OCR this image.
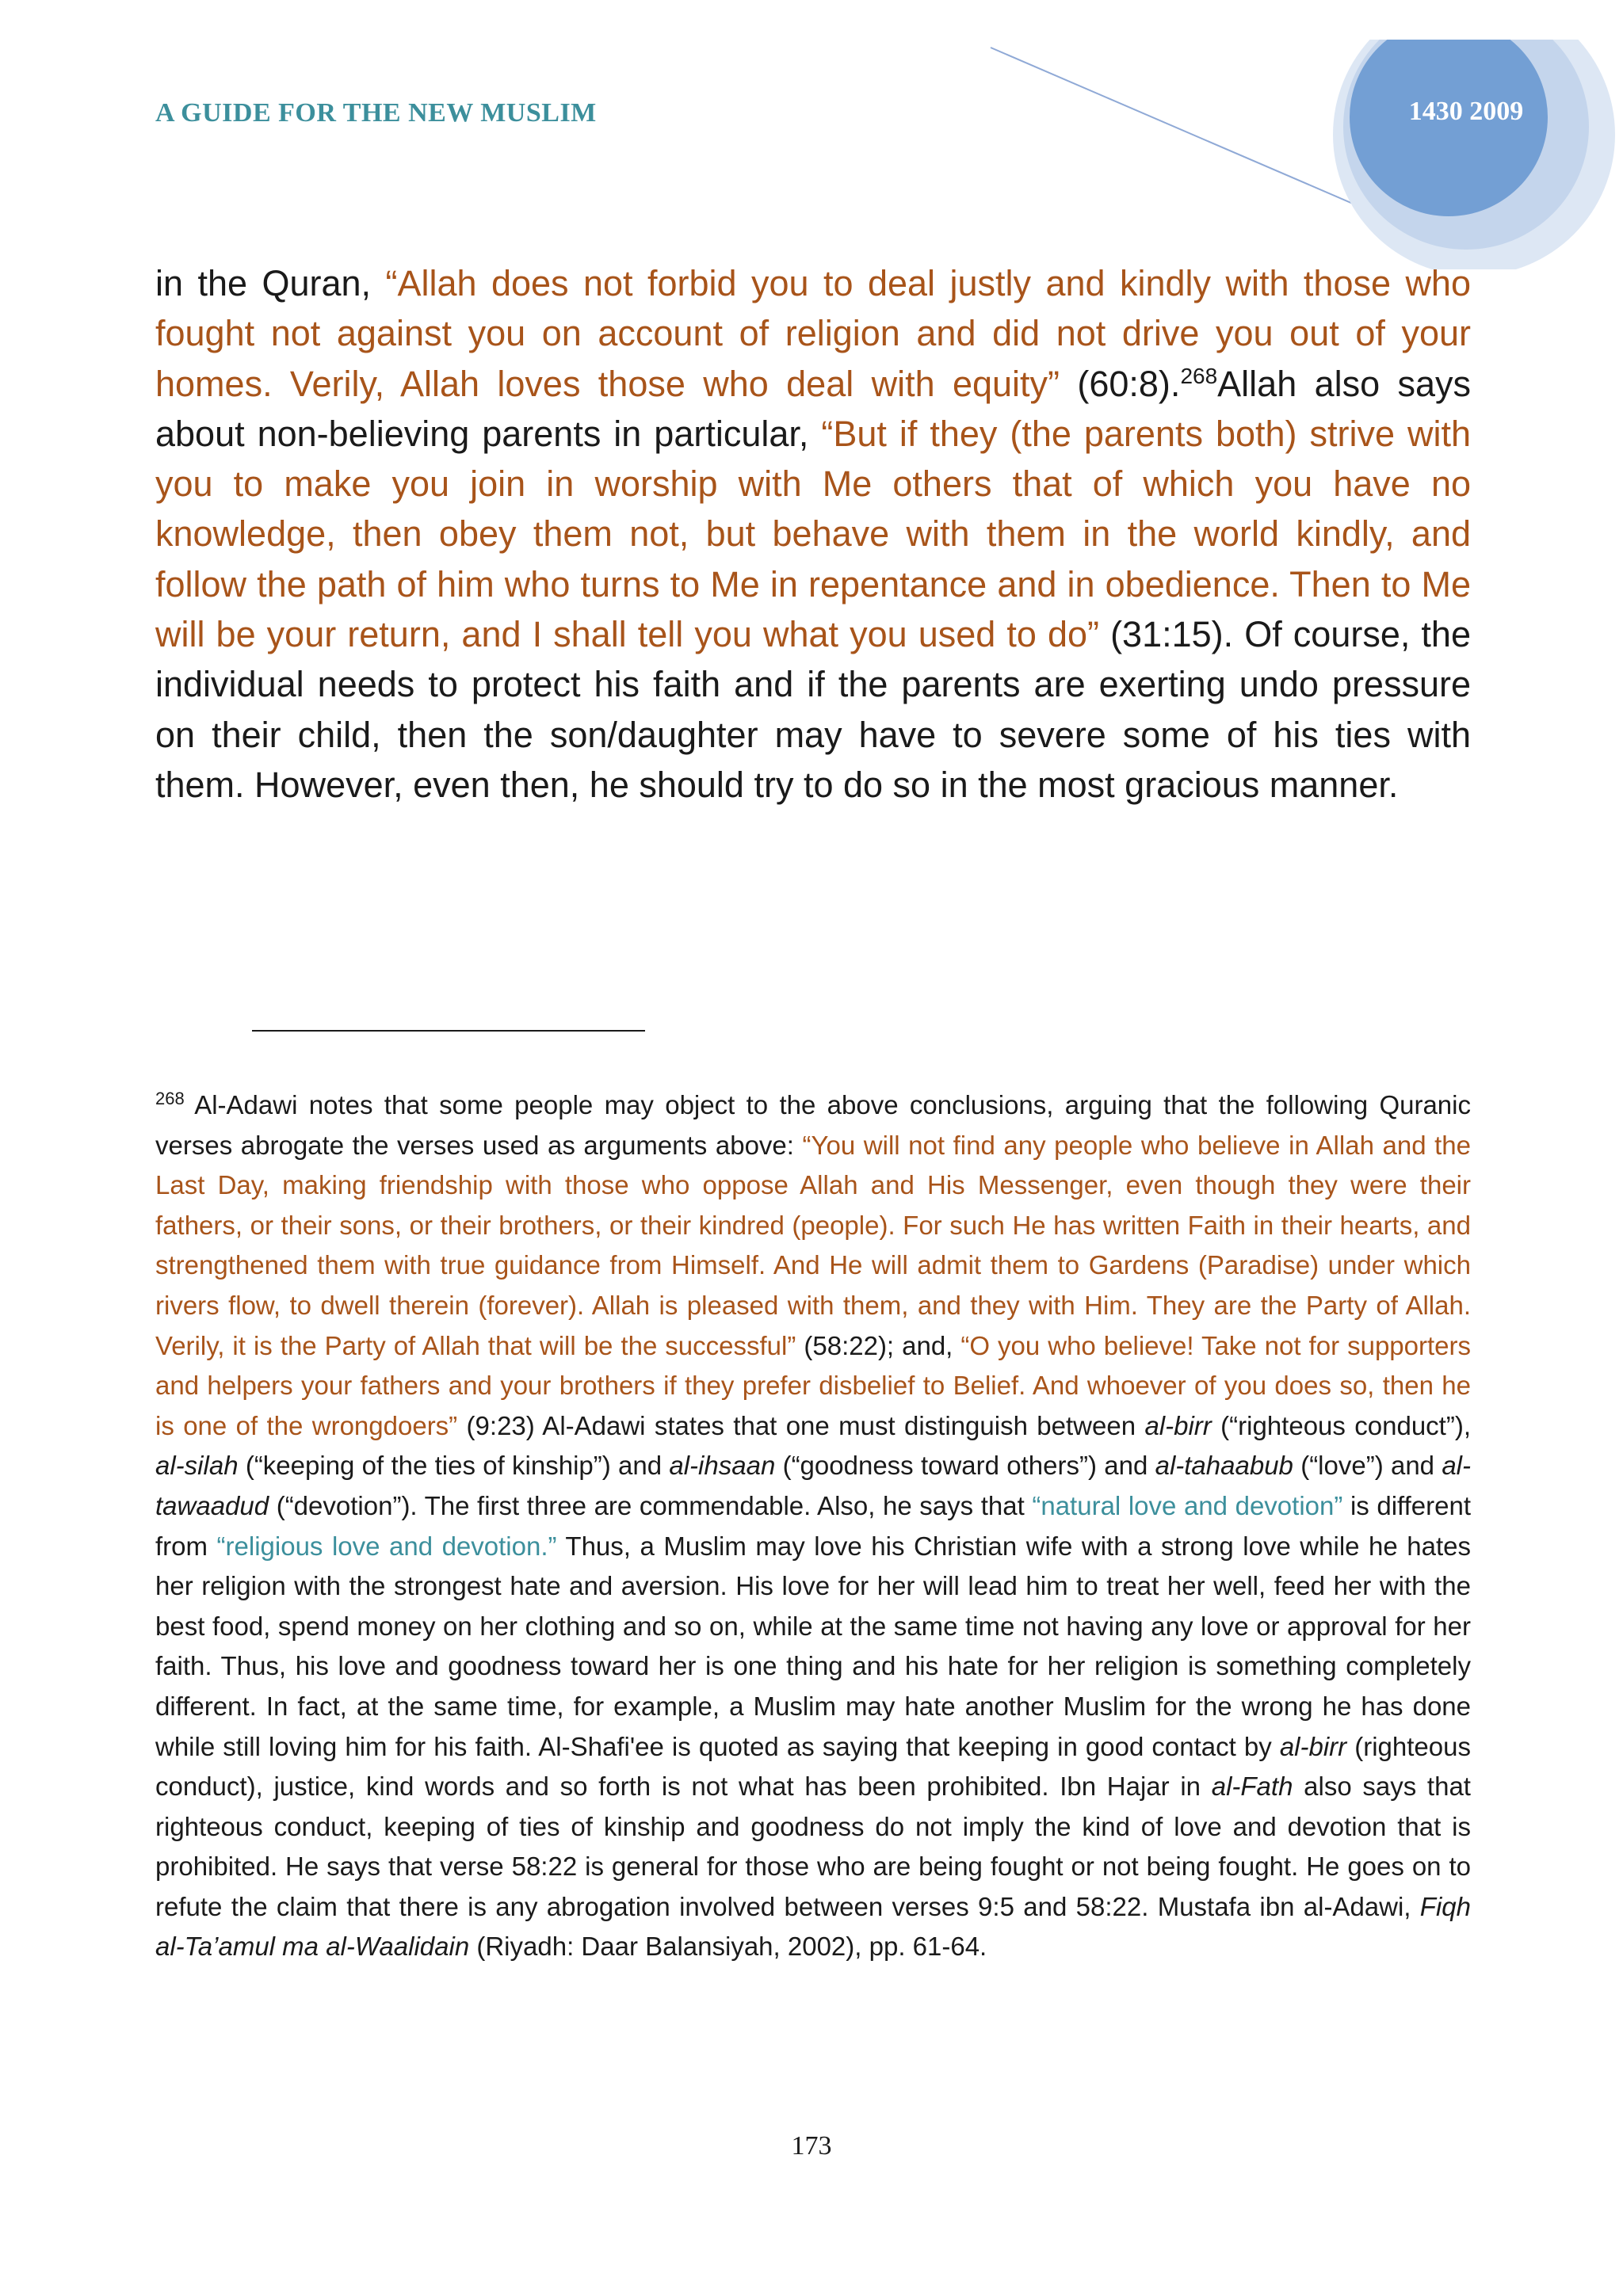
A GUIDE FOR THE NEW MUSLIM	1430 2009

in the Quran, “Allah does not forbid you to deal justly and kindly with those who fought not against you on account of religion and did not drive you out of your homes. Verily, Allah loves those who deal with equity” (60:8).$^{268}$Allah also says about non-believing parents in particular, “But if they (the parents both) strive with you to make you join in worship with Me others that of which you have no knowledge, then obey them not, but behave with them in the world kindly, and follow the path of him who turns to Me in repentance and in obedience. Then to Me will be your return, and I shall tell you what you used to do” (31:15). Of course, the individual needs to protect his faith and if the parents are exerting undo pressure on their child, then the son/daughter may have to severe some of his ties with them. However, even then, he should try to do so in the most gracious manner.

$^{268}$ Al-Adawi notes that some people may object to the above conclusions, arguing that the following Quranic verses abrogate the verses used as arguments above: “You will not find any people who believe in Allah and the Last Day, making friendship with those who oppose Allah and His Messenger, even though they were their fathers, or their sons, or their brothers, or their kindred (people). For such He has written Faith in their hearts, and strengthened them with true guidance from Himself. And He will admit them to Gardens (Paradise) under which rivers flow, to dwell therein (forever). Allah is pleased with them, and they with Him. They are the Party of Allah. Verily, it is the Party of Allah that will be the successful” (58:22); and, “O you who believe! Take not for supporters and helpers your fathers and your brothers if they prefer disbelief to Belief. And whoever of you does so, then he is one of the wrongdoers” (9:23) Al-Adawi states that one must distinguish between al-birr (“righteous conduct”), al-silah (“keeping of the ties of kinship”) and al-ihsaan (“goodness toward others”) and al-tahaabub (“love”) and al-tawaadud (“devotion”). The first three are commendable. Also, he says that “natural love and devotion” is different from “religious love and devotion.” Thus, a Muslim may love his Christian wife with a strong love while he hates her religion with the strongest hate and aversion. His love for her will lead him to treat her well, feed her with the best food, spend money on her clothing and so on, while at the same time not having any love or approval for her faith. Thus, his love and goodness toward her is one thing and his hate for her religion is something completely different. In fact, at the same time, for example, a Muslim may hate another Muslim for the wrong he has done while still loving him for his faith. Al-Shafi'ee is quoted as saying that keeping in good contact by al-birr (righteous conduct), justice, kind words and so forth is not what has been prohibited. Ibn Hajar in al-Fath also says that righteous conduct, keeping of ties of kinship and goodness do not imply the kind of love and devotion that is prohibited. He says that verse 58:22 is general for those who are being fought or not being fought. He goes on to refute the claim that there is any abrogation involved between verses 9:5 and 58:22. Mustafa ibn al-Adawi, Fiqh al-Ta’amul ma al-Waalidain (Riyadh: Daar Balansiyah, 2002), pp. 61-64.

173
